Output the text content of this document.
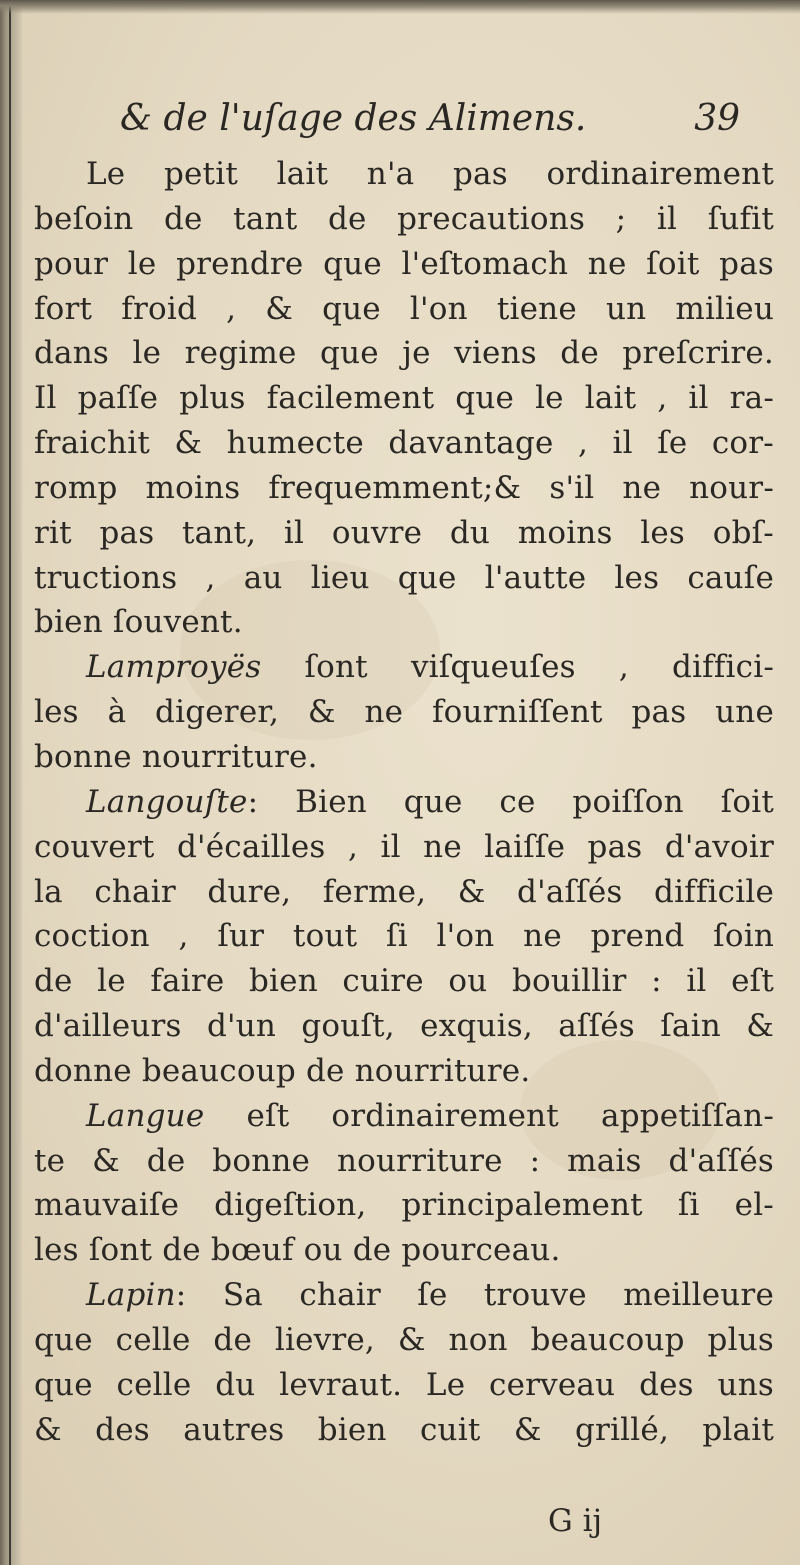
& de l'uſage des Alimens.	39
Le petit lait n'a pas ordinairement
beſoin de tant de precautions ; il ſufit
pour le prendre que l'eſtomach ne ſoit pas
fort froid , & que l'on tiene un milieu
dans le regime que je viens de preſcrire.
Il paſſe plus facilement que le lait , il ra-
fraichit & humecte davantage , il ſe cor-
romp moins frequemment;& s'il ne nour-
rit pas tant, il ouvre du moins les obſ-
tructions , au lieu que l'autte les cauſe
bien ſouvent.
Lamproyës ſont viſqueuſes , diffici-
les à digerer, & ne fourniſſent pas une
bonne nourriture.
Langouſte: Bien que ce poiſſon ſoit
couvert d'écailles , il ne laiſſe pas d'avoir
la chair dure, ferme, & d'aſſés difficile
coction , ſur tout ſi l'on ne prend ſoin
de le faire bien cuire ou bouillir : il eſt
d'ailleurs d'un gouſt, exquis, aſſés ſain &
donne beaucoup de nourriture.
Langue eſt ordinairement appetiſſan-
te & de bonne nourriture : mais d'aſſés
mauvaiſe digeſtion, principalement ſi el-
les ſont de bœuf ou de pourceau.
Lapin: Sa chair ſe trouve meilleure
que celle de lievre, & non beaucoup plus
que celle du levraut. Le cerveau des uns
& des autres bien cuit & grillé, plait
G ij
